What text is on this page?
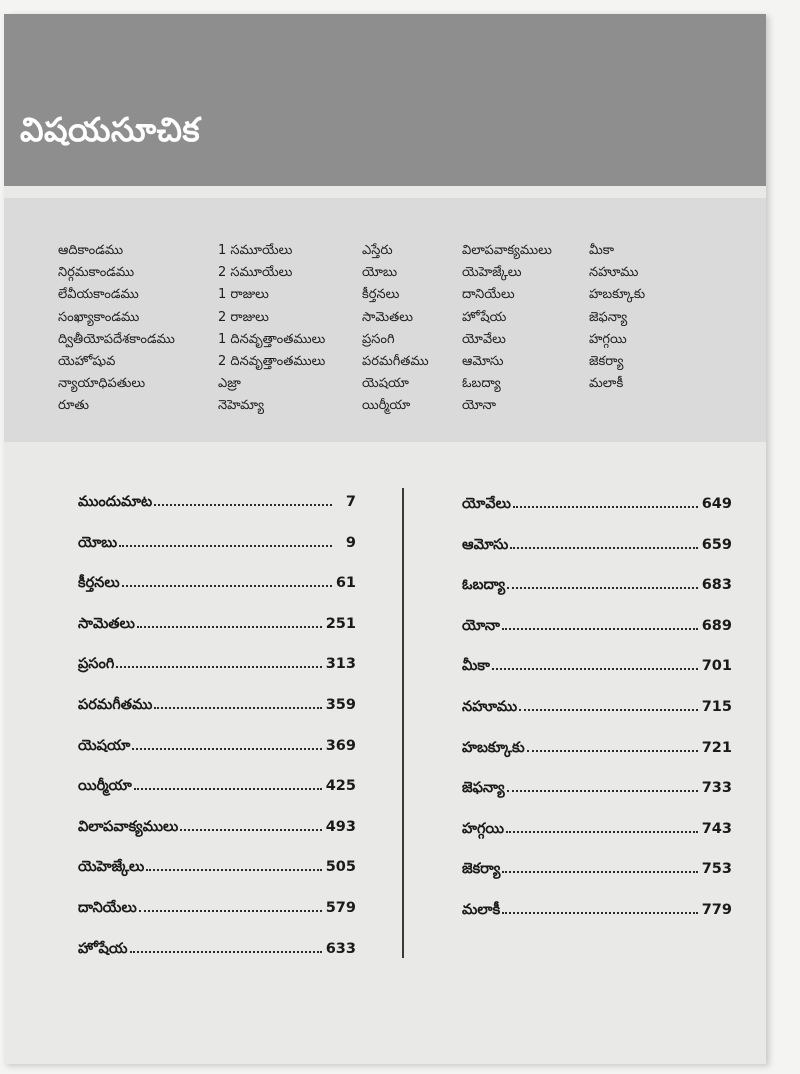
విషయసూచిక
ఆదికాండము
నిర్గమకాండము
లేవీయకాండము
సంఖ్యాకాండము
ద్వితీయోపదేశకాండము
యెహోషువ
న్యాయాధిపతులు
రూతు
1 సమూయేలు
2 సమూయేలు
1 రాజులు
2 రాజులు
1 దినవృత్తాంతములు
2 దినవృత్తాంతములు
ఎజ్రా
నెహెమ్యా
ఎస్తేరు
యోబు
కీర్తనలు
సామెతలు
ప్రసంగి
పరమగీతము
యెషయా
యిర్మీయా
విలాపవాక్యములు
యెహెజ్కేలు
దానియేలు
హోషేయ
యోవేలు
ఆమోసు
ఓబద్యా
యోనా
మీకా
నహూము
హబక్కూకు
జెఫన్యా
హగ్గయి
జెకర్యా
మలాకీ
ముందుమాట	7
యోబు	9
కీర్తనలు	61
సామెతలు	251
ప్రసంగి	313
పరమగీతము	359
యెషయా	369
యిర్మీయా	425
విలాపవాక్యములు	493
యెహెజ్కేలు	505
దానియేలు	579
హోషేయ	633
యోవేలు	649
ఆమోసు	659
ఓబద్యా	683
యోనా	689
మీకా	701
నహూము	715
హబక్కూకు	721
జెఫన్యా	733
హగ్గయి	743
జెకర్యా	753
మలాకీ	779
